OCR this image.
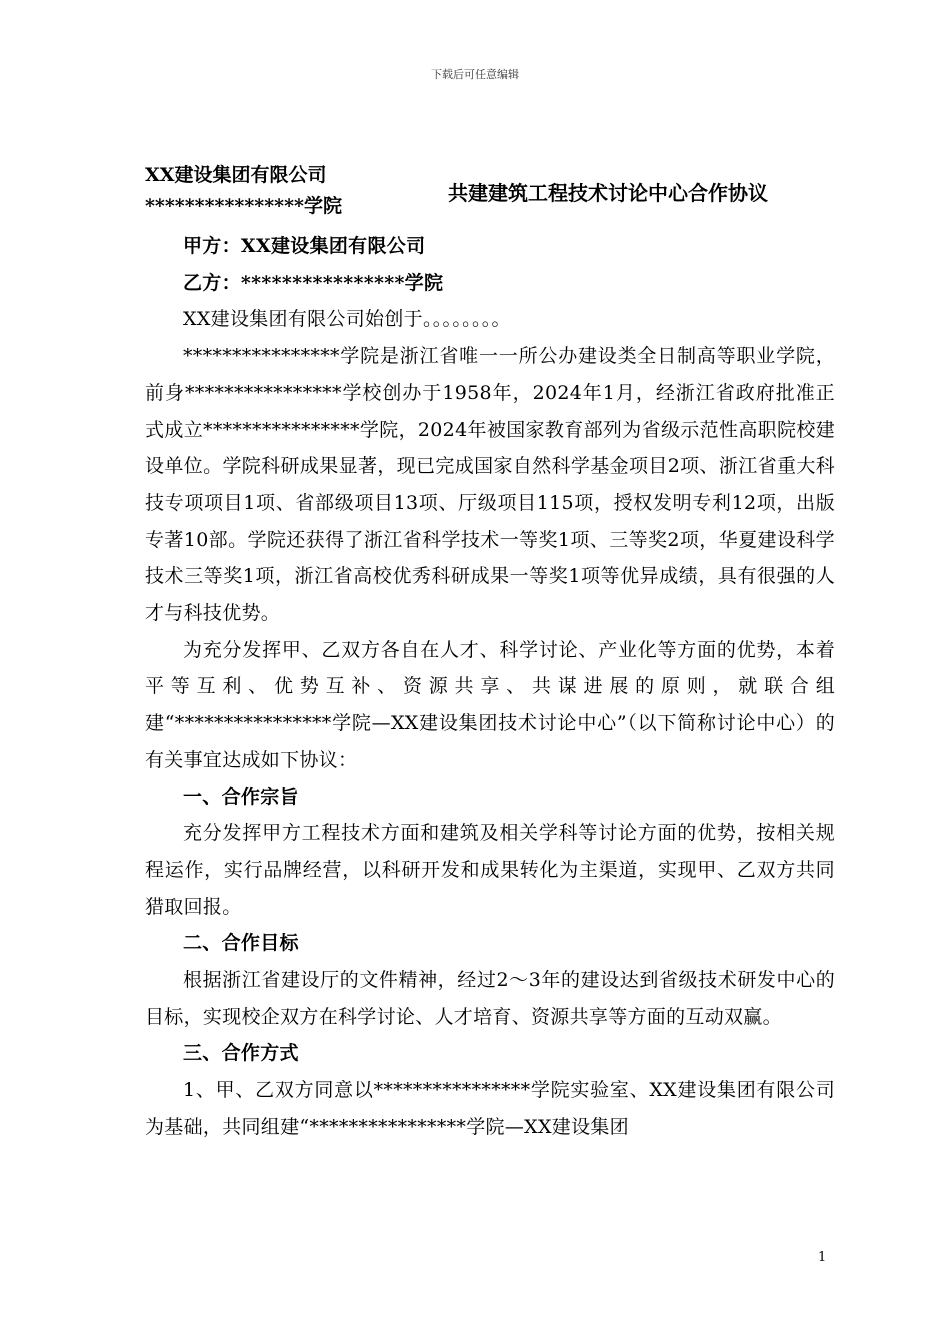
下载后可任意编辑
XX建设集团有限公司
****************学院
共建建筑工程技术讨论中心合作协议

甲方：XX建设集团有限公司

乙方：****************学院

XX建设集团有限公司始创于。。。。。。。。

****************学院是浙江省唯一一所公办建设类全日制高等职业学院，前身****************学校创办于1958年，2024年1月，经浙江省政府批准正式成立****************学院，2024年被国家教育部列为省级示范性高职院校建设单位。学院科研成果显著，现已完成国家自然科学基金项目2项、浙江省重大科技专项项目1项、省部级项目13项、厅级项目115项，授权发明专利12项，出版专著10部。学院还获得了浙江省科学技术一等奖1项、三等奖2项，华夏建设科学技术三等奖1项，浙江省高校优秀科研成果一等奖1项等优异成绩，具有很强的人才与科技优势。

为充分发挥甲、乙双方各自在人才、科学讨论、产业化等方面的优势，本着平等互利、优势互补、资源共享、共谋进展的原则，就联合组建“****************学院—XX建设集团技术讨论中心”（以下简称讨论中心）的有关事宜达成如下协议：

一、合作宗旨

充分发挥甲方工程技术方面和建筑及相关学科等讨论方面的优势，按相关规程运作，实行品牌经营，以科研开发和成果转化为主渠道，实现甲、乙双方共同猎取回报。

二、合作目标

根据浙江省建设厅的文件精神，经过2～3年的建设达到省级技术研发中心的目标，实现校企双方在科学讨论、人才培育、资源共享等方面的互动双赢。

三、合作方式

1、甲、乙双方同意以****************学院实验室、XX建设集团有限公司为基础，共同组建“****************学院—XX建设集团

1
